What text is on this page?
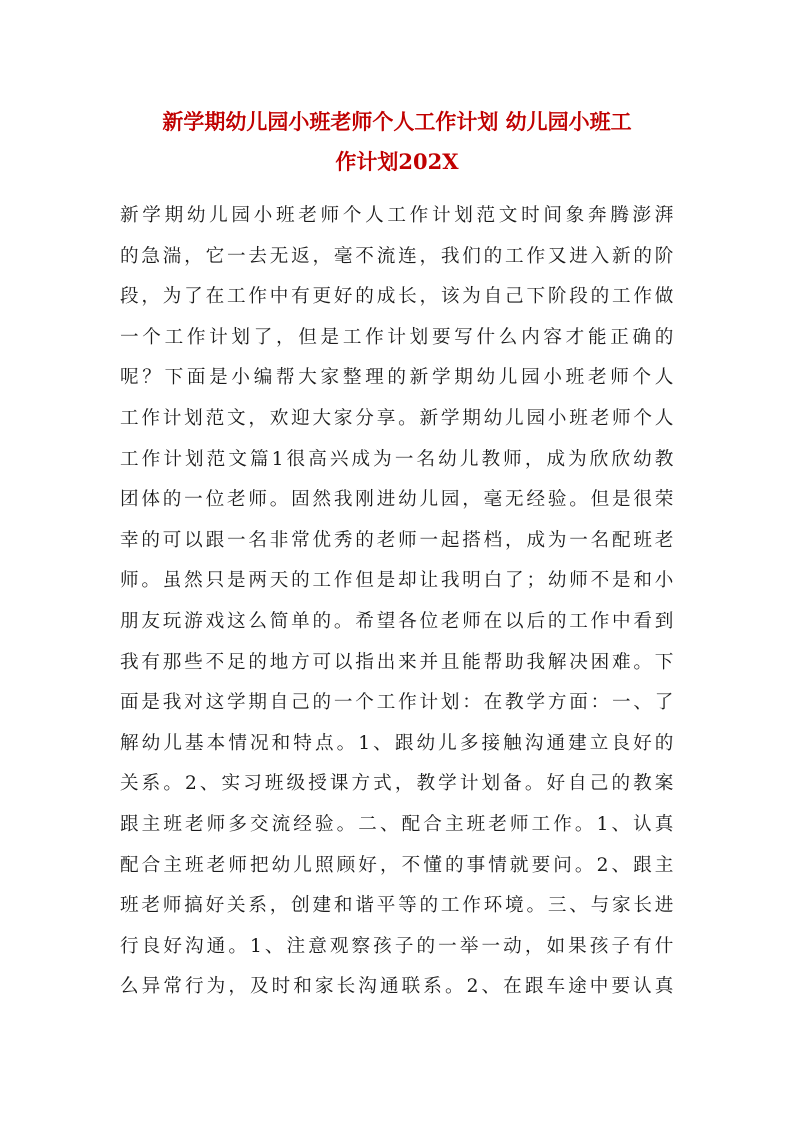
新学期幼儿园小班老师个人工作计划 幼儿园小班工
作计划202X
新学期幼儿园小班老师个人工作计划范文时间象奔腾澎湃
的急湍，它一去无返，毫不流连，我们的工作又进入新的阶
段，为了在工作中有更好的成长，该为自己下阶段的工作做
一个工作计划了，但是工作计划要写什么内容才能正确的
呢？下面是小编帮大家整理的新学期幼儿园小班老师个人
工作计划范文，欢迎大家分享。新学期幼儿园小班老师个人
工作计划范文篇1很高兴成为一名幼儿教师，成为欣欣幼教
团体的一位老师。固然我刚进幼儿园，毫无经验。但是很荣
幸的可以跟一名非常优秀的老师一起搭档，成为一名配班老
师。虽然只是两天的工作但是却让我明白了；幼师不是和小
朋友玩游戏这么简单的。希望各位老师在以后的工作中看到
我有那些不足的地方可以指出来并且能帮助我解决困难。下
面是我对这学期自己的一个工作计划：在教学方面：一、了
解幼儿基本情况和特点。1、跟幼儿多接触沟通建立良好的
关系。2、实习班级授课方式，教学计划备。好自己的教案
跟主班老师多交流经验。二、配合主班老师工作。1、认真
配合主班老师把幼儿照顾好，不懂的事情就要问。2、跟主
班老师搞好关系，创建和谐平等的工作环境。三、与家长进
行良好沟通。1、注意观察孩子的一举一动，如果孩子有什
么异常行为，及时和家长沟通联系。2、在跟车途中要认真
